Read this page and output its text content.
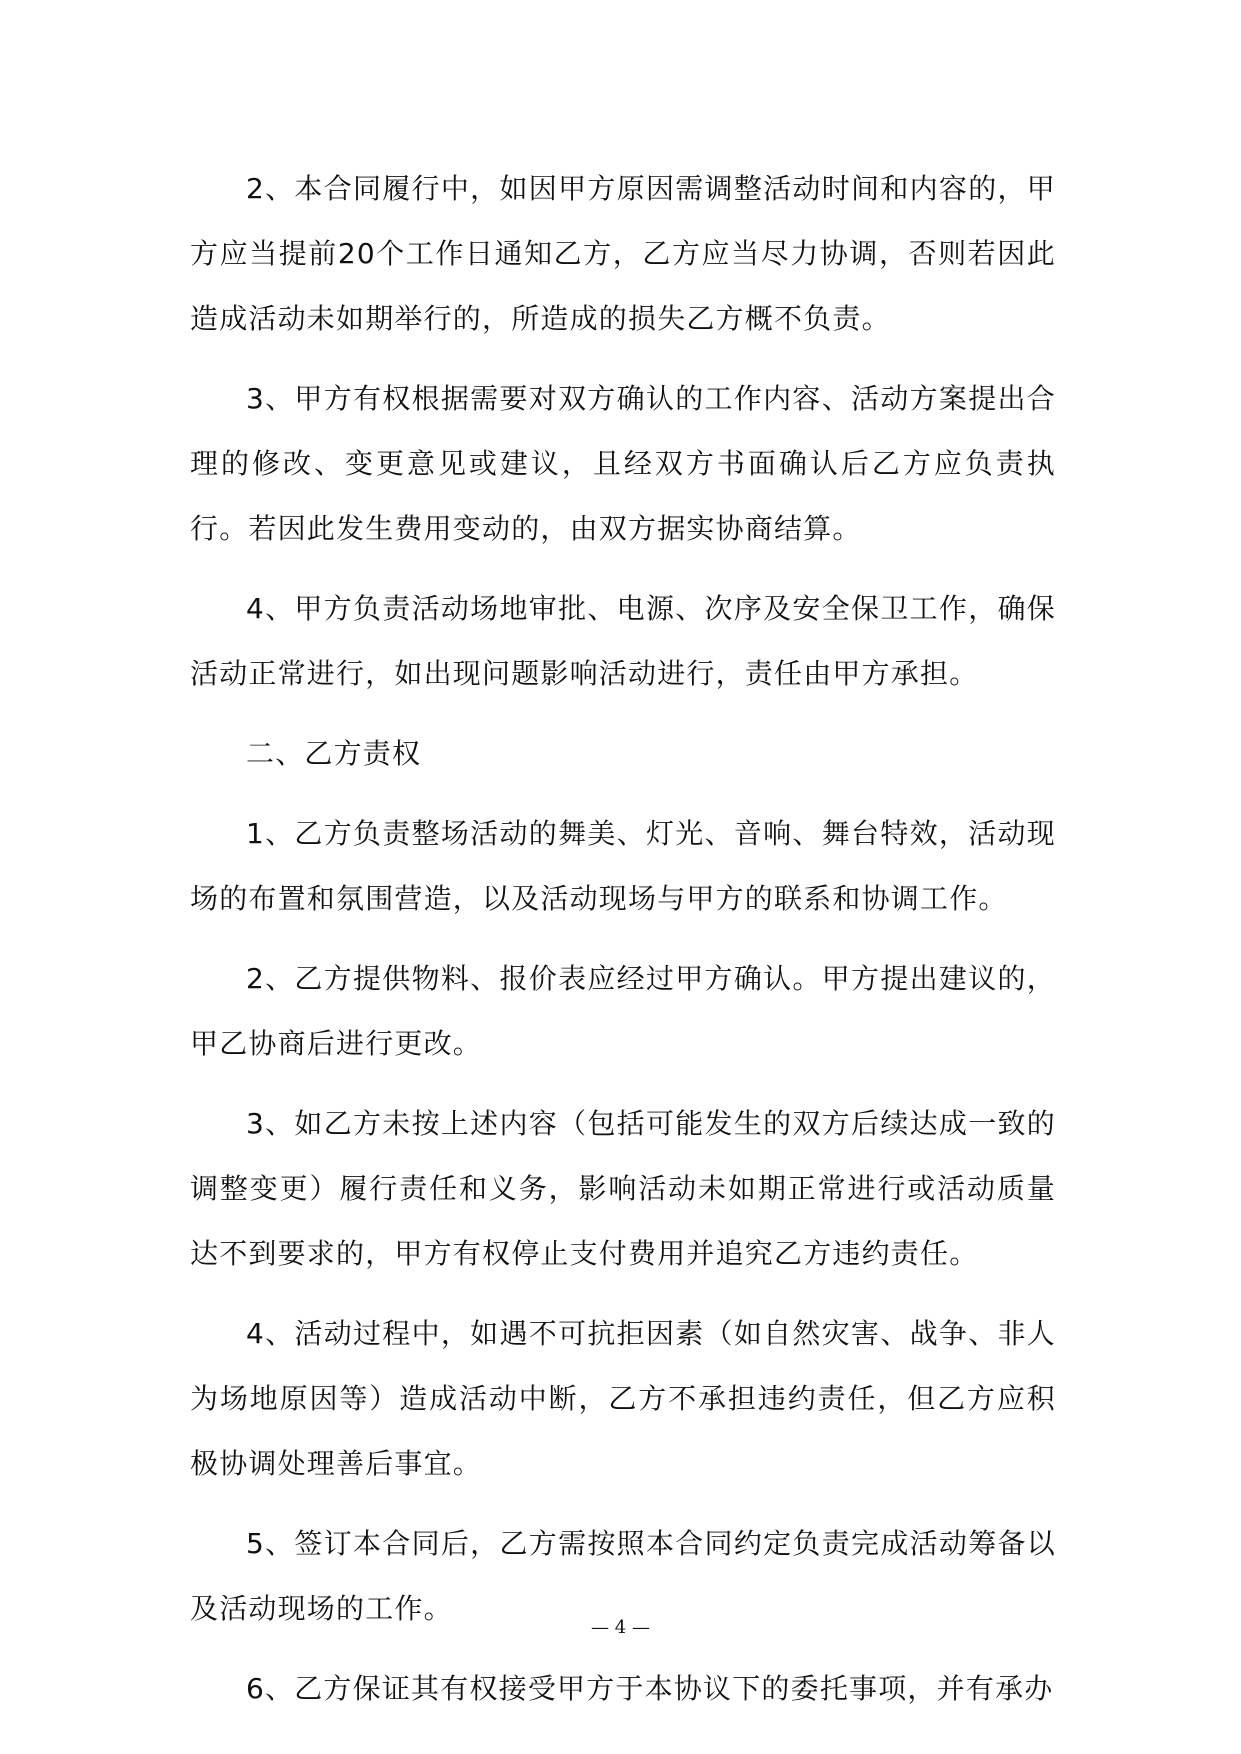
2、本合同履行中，如因甲方原因需调整活动时间和内容的，甲方应当提前20个工作日通知乙方，乙方应当尽力协调，否则若因此造成活动未如期举行的，所造成的损失乙方概不负责。

3、甲方有权根据需要对双方确认的工作内容、活动方案提出合理的修改、变更意见或建议，且经双方书面确认后乙方应负责执行。若因此发生费用变动的，由双方据实协商结算。

4、甲方负责活动场地审批、电源、次序及安全保卫工作，确保活动正常进行，如出现问题影响活动进行，责任由甲方承担。

二、乙方责权

1、乙方负责整场活动的舞美、灯光、音响、舞台特效，活动现场的布置和氛围营造，以及活动现场与甲方的联系和协调工作。

2、乙方提供物料、报价表应经过甲方确认。甲方提出建议的，甲乙协商后进行更改。

3、如乙方未按上述内容（包括可能发生的双方后续达成一致的调整变更）履行责任和义务，影响活动未如期正常进行或活动质量达不到要求的，甲方有权停止支付费用并追究乙方违约责任。

4、活动过程中，如遇不可抗拒因素（如自然灾害、战争、非人为场地原因等）造成活动中断，乙方不承担违约责任，但乙方应积极协调处理善后事宜。

5、签订本合同后，乙方需按照本合同约定负责完成活动筹备以及活动现场的工作。

6、乙方保证其有权接受甲方于本协议下的委托事项，并有承办

— 4 —
